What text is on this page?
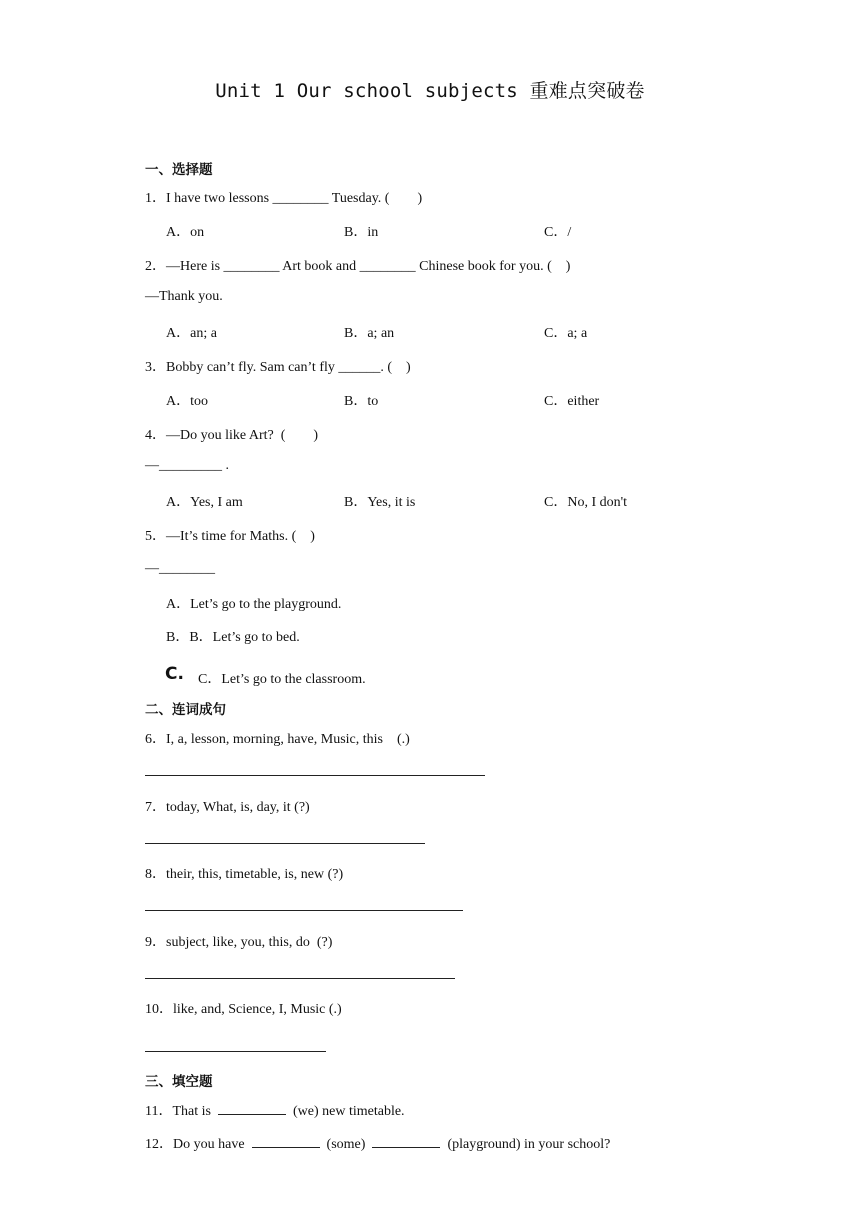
Unit 1 Our school subjects 重难点突破卷
一、选择题
1．I have two lessons ________ Tuesday. (　　)
A．on	B．in	C．/
2．—Here is ________ Art book and ________ Chinese book for you. (　)
—Thank you.
A．an; a	B．a; an	C．a; a
3．Bobby can’t fly. Sam can’t fly ______. (　)
A．too	B．to	C．either
4．—Do you like Art?  (　　)
—_________ .
A．Yes, I am	B．Yes, it is	C．No, I don't
5．—It’s time for Maths. (　)
—________
A．Let’s go to the playground.
B．B．Let’s go to bed.
C. C．Let’s go to the classroom.
二、连词成句
6．I, a, lesson, morning, have, Music, this　(.)
7．today, What, is, day, it (?)
8．their, this, timetable, is, new (?)
9．subject, like, you, this, do  (?)
10．like, and, Science, I, Music (.)
三、填空题
11．That is	(we) new timetable.
12．Do you have	(some)	(playground) in your school?
